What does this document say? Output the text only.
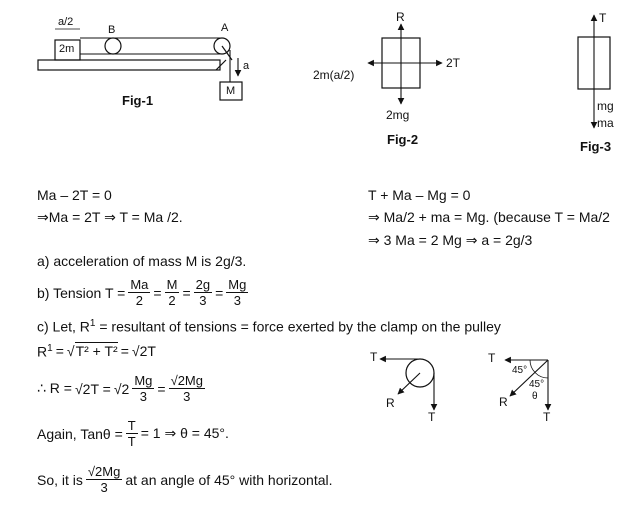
a/2
B	A
2m
M
a
Fig-1
R
2T
2m(a/2)
2mg
Fig-2
T
mg
ma
Fig-3
Ma – 2T = 0
⇒Ma = 2T ⇒ T = Ma /2.
T + Ma – Mg = 0
⇒ Ma/2 + ma = Mg. (because T = Ma/2
⇒ 3 Ma = 2 Mg ⇒ a = 2g/3
a) acceleration of mass M is 2g/3.
b) Tension $T = \frac{Ma}{2} = \frac{M}{2} = \frac{2g}{3} = \frac{Mg}{3}$
c) Let, $R^1$ = resultant of tensions = force exerted by the clamp on the pulley
$R^1 = √T^2 + T^2 = √2T$
∴ $R = √2T = √2 \frac{Mg}{3} = \frac{√2Mg}{3}$
Again, $Tan\theta = \frac{T}{T} = 1$ ⇒ θ = 45°.
So, it is $\frac{√2Mg}{3}$ at an angle of 45° with horizontal.
T
R
T
T
45°
45°
θ
R
T
